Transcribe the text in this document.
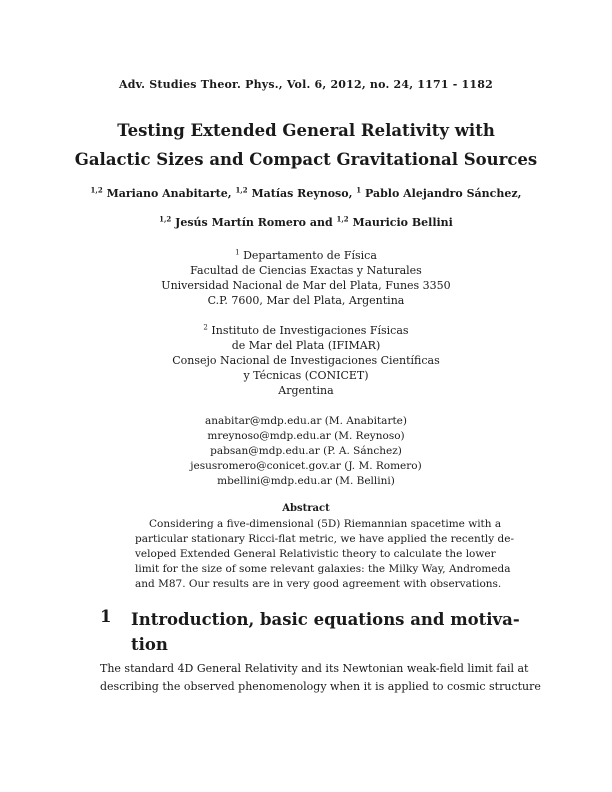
Adv. Studies Theor. Phys., Vol. 6, 2012, no. 24, 1171 - 1182
Testing Extended General Relativity with
Galactic Sizes and Compact Gravitational Sources
$^{1,2}$ Mariano Anabitarte, $^{1,2}$ Matías Reynoso, $^1$ Pablo Alejandro Sánchez,
$^{1,2}$ Jesús Martín Romero and $^{1,2}$ Mauricio Bellini
$^1$ Departamento de Física
Facultad de Ciencias Exactas y Naturales
Universidad Nacional de Mar del Plata, Funes 3350
C.P. 7600, Mar del Plata, Argentina
$^2$ Instituto de Investigaciones Físicas
de Mar del Plata (IFIMAR)
Consejo Nacional de Investigaciones Científicas
y Técnicas (CONICET)
Argentina
anabitar@mdp.edu.ar (M. Anabitarte)
mreynoso@mdp.edu.ar (M. Reynoso)
pabsan@mdp.edu.ar (P. A. Sánchez)
jesusromero@conicet.gov.ar (J. M. Romero)
mbellini@mdp.edu.ar (M. Bellini)
Abstract
Considering a five-dimensional (5D) Riemannian spacetime with a
particular stationary Ricci-flat metric, we have applied the recently de-
veloped Extended General Relativistic theory to calculate the lower
limit for the size of some relevant galaxies: the Milky Way, Andromeda
and M87. Our results are in very good agreement with observations.
1 Introduction, basic equations and motiva-
tion
The standard 4D General Relativity and its Newtonian weak-field limit fail at
describing the observed phenomenology when it is applied to cosmic structure
